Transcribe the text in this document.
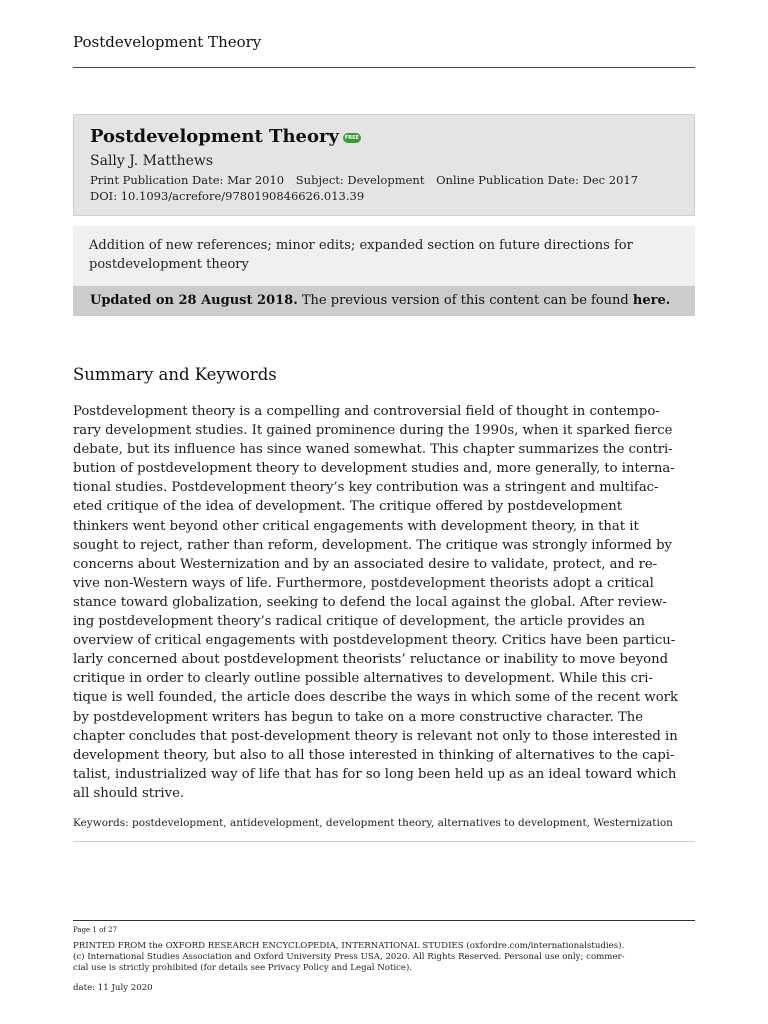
Postdevelopment Theory
Postdevelopment Theory FREE
Sally J. Matthews
Print Publication Date: Mar 2010 Subject: Development Online Publication Date: Dec 2017
DOI: 10.1093/acrefore/9780190846626.013.39
Addition of new references; minor edits; expanded section on future directions for postdevelopment theory
Updated on 28 August 2018. The previous version of this content can be found here.
Summary and Keywords
Postdevelopment theory is a compelling and controversial field of thought in contempo-
rary development studies. It gained prominence during the 1990s, when it sparked fierce
debate, but its influence has since waned somewhat. This chapter summarizes the contri-
bution of postdevelopment theory to development studies and, more generally, to interna-
tional studies. Postdevelopment theory’s key contribution was a stringent and multifac-
eted critique of the idea of development. The critique offered by postdevelopment
thinkers went beyond other critical engagements with development theory, in that it
sought to reject, rather than reform, development. The critique was strongly informed by
concerns about Westernization and by an associated desire to validate, protect, and re-
vive non-Western ways of life. Furthermore, postdevelopment theorists adopt a critical
stance toward globalization, seeking to defend the local against the global. After review-
ing postdevelopment theory’s radical critique of development, the article provides an
overview of critical engagements with postdevelopment theory. Critics have been particu-
larly concerned about postdevelopment theorists’ reluctance or inability to move beyond
critique in order to clearly outline possible alternatives to development. While this cri-
tique is well founded, the article does describe the ways in which some of the recent work
by postdevelopment writers has begun to take on a more constructive character. The
chapter concludes that post-development theory is relevant not only to those interested in
development theory, but also to all those interested in thinking of alternatives to the capi-
talist, industrialized way of life that has for so long been held up as an ideal toward which
all should strive.
Keywords: postdevelopment, antidevelopment, development theory, alternatives to development, Westernization
Page 1 of 27
PRINTED FROM the OXFORD RESEARCH ENCYCLOPEDIA, INTERNATIONAL STUDIES (oxfordre.com/internationalstudies).
(c) International Studies Association and Oxford University Press USA, 2020. All Rights Reserved. Personal use only; commer-
cial use is strictly prohibited (for details see Privacy Policy and Legal Notice).
date: 11 July 2020
